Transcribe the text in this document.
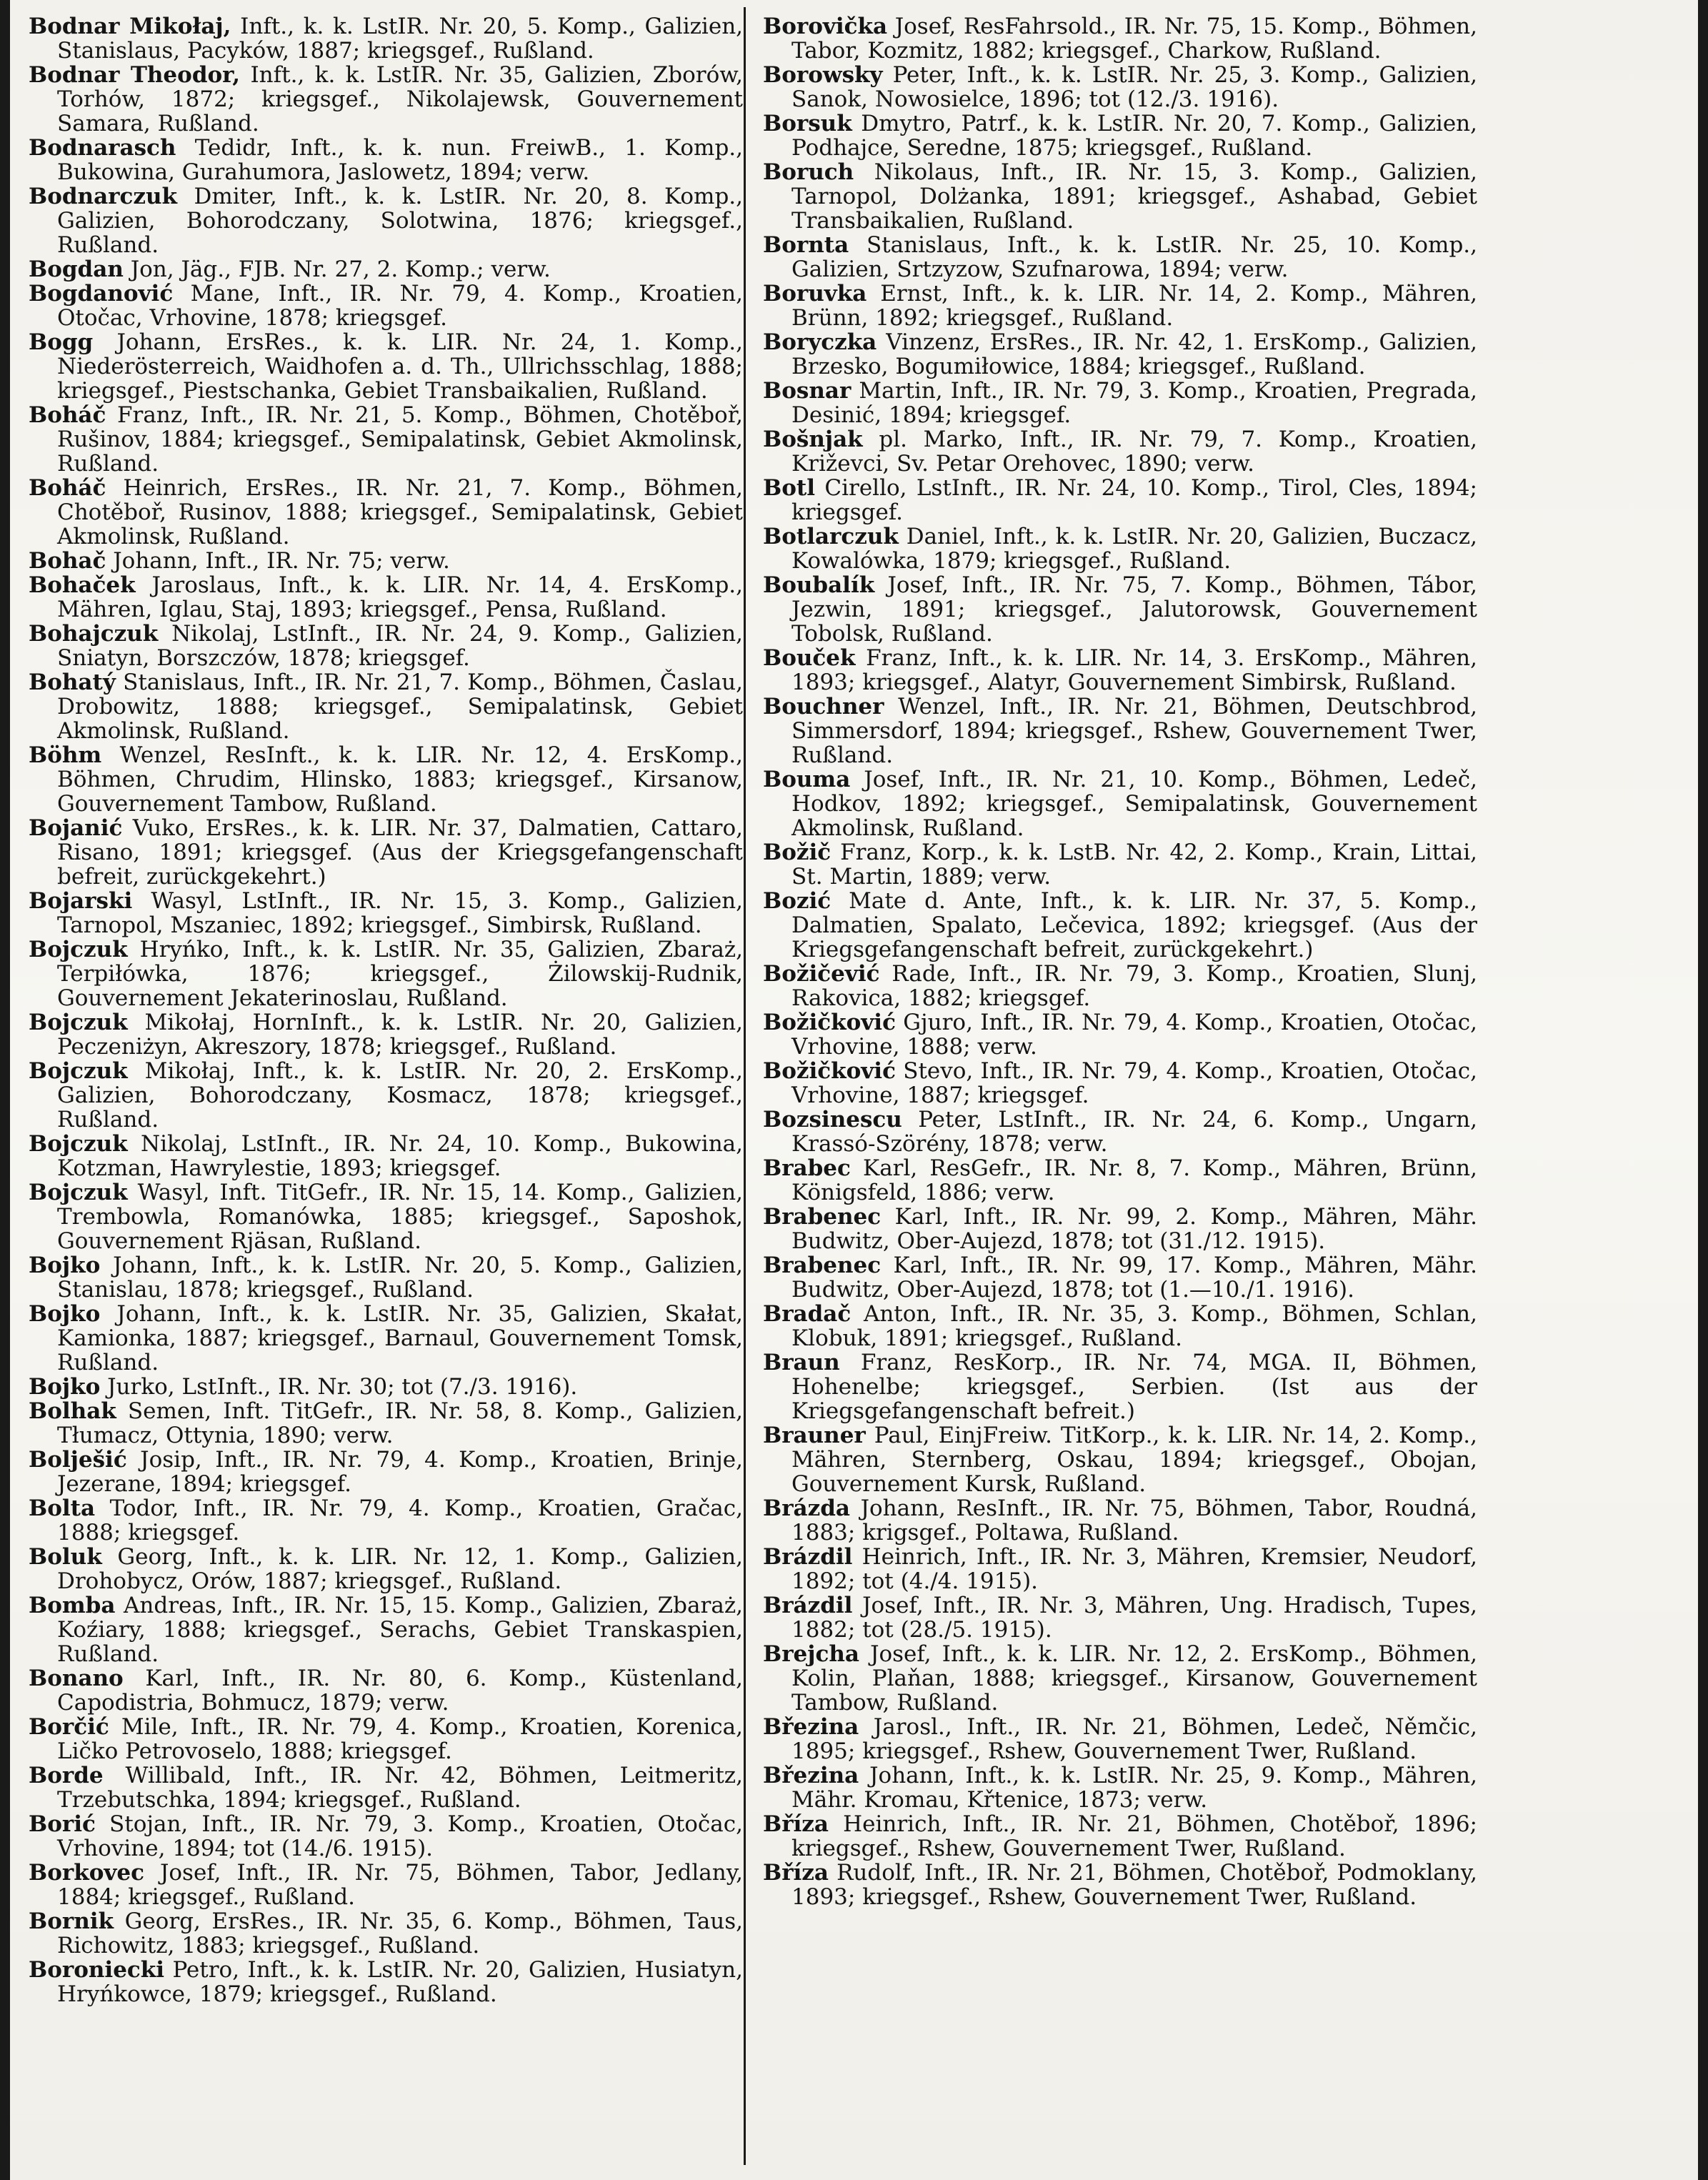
Bodnar Mikołaj, Inft., k. k. LstIR. Nr. 20, 5. Komp., Galizien, Stanislaus, Pacyków, 1887; kriegsgef., Rußland.

Bodnar Theodor, Inft., k. k. LstIR. Nr. 35, Galizien, Zborów, Torhów, 1872; kriegsgef., Nikolajewsk, Gouvernement Samara, Rußland.

Bodnarasch Tedidr, Inft., k. k. nun. FreiwB., 1. Komp., Bukowina, Gurahumora, Jaslowetz, 1894; verw.

Bodnarczuk Dmiter, Inft., k. k. LstIR. Nr. 20, 8. Komp., Galizien, Bohorodczany, Solotwina, 1876; kriegsgef., Rußland.

Bogdan Jon, Jäg., FJB. Nr. 27, 2. Komp.; verw.

Bogdanović Mane, Inft., IR. Nr. 79, 4. Komp., Kroatien, Otočac, Vrhovine, 1878; kriegsgef.

Bogg Johann, ErsRes., k. k. LIR. Nr. 24, 1. Komp., Niederösterreich, Waidhofen a. d. Th., Ullrichsschlag, 1888; kriegsgef., Piestschanka, Gebiet Transbaikalien, Rußland.

Boháč Franz, Inft., IR. Nr. 21, 5. Komp., Böhmen, Chotěboř, Rušinov, 1884; kriegsgef., Semipalatinsk, Gebiet Akmolinsk, Rußland.

Boháč Heinrich, ErsRes., IR. Nr. 21, 7. Komp., Böhmen, Chotěboř, Rusinov, 1888; kriegsgef., Semipalatinsk, Gebiet Akmolinsk, Rußland.

Bohač Johann, Inft., IR. Nr. 75; verw.

Bohaček Jaroslaus, Inft., k. k. LIR. Nr. 14, 4. ErsKomp., Mähren, Iglau, Staj, 1893; kriegsgef., Pensa, Rußland.

Bohajczuk Nikolaj, LstInft., IR. Nr. 24, 9. Komp., Galizien, Sniatyn, Borszczów, 1878; kriegsgef.

Bohatý Stanislaus, Inft., IR. Nr. 21, 7. Komp., Böhmen, Časlau, Drobowitz, 1888; kriegsgef., Semipalatinsk, Gebiet Akmolinsk, Rußland.

Böhm Wenzel, ResInft., k. k. LIR. Nr. 12, 4. ErsKomp., Böhmen, Chrudim, Hlinsko, 1883; kriegsgef., Kirsanow, Gouvernement Tambow, Rußland.

Bojanić Vuko, ErsRes., k. k. LIR. Nr. 37, Dalmatien, Cattaro, Risano, 1891; kriegsgef. (Aus der Kriegsgefangenschaft befreit, zurückgekehrt.)

Bojarski Wasyl, LstInft., IR. Nr. 15, 3. Komp., Galizien, Tarnopol, Mszaniec, 1892; kriegsgef., Simbirsk, Rußland.

Bojczuk Hryńko, Inft., k. k. LstIR. Nr. 35, Galizien, Zbaraż, Terpiłówka, 1876; kriegsgef., Żilowskij-Rudnik, Gouvernement Jekaterinoslau, Rußland.

Bojczuk Mikołaj, HornInft., k. k. LstIR. Nr. 20, Galizien, Peczeniżyn, Akreszory, 1878; kriegsgef., Rußland.

Bojczuk Mikołaj, Inft., k. k. LstIR. Nr. 20, 2. ErsKomp., Galizien, Bohorodczany, Kosmacz, 1878; kriegsgef., Rußland.

Bojczuk Nikolaj, LstInft., IR. Nr. 24, 10. Komp., Bukowina, Kotzman, Hawrylestie, 1893; kriegsgef.

Bojczuk Wasyl, Inft. TitGefr., IR. Nr. 15, 14. Komp., Galizien, Trembowla, Romanówka, 1885; kriegsgef., Saposhok, Gouvernement Rjäsan, Rußland.

Bojko Johann, Inft., k. k. LstIR. Nr. 20, 5. Komp., Galizien, Stanislau, 1878; kriegsgef., Rußland.

Bojko Johann, Inft., k. k. LstIR. Nr. 35, Galizien, Skałat, Kamionka, 1887; kriegsgef., Barnaul, Gouvernement Tomsk, Rußland.

Bojko Jurko, LstInft., IR. Nr. 30; tot (7./3. 1916).

Bolhak Semen, Inft. TitGefr., IR. Nr. 58, 8. Komp., Galizien, Tłumacz, Ottynia, 1890; verw.

Bolješić Josip, Inft., IR. Nr. 79, 4. Komp., Kroatien, Brinje, Jezerane, 1894; kriegsgef.

Bolta Todor, Inft., IR. Nr. 79, 4. Komp., Kroatien, Gračac, 1888; kriegsgef.

Boluk Georg, Inft., k. k. LIR. Nr. 12, 1. Komp., Galizien, Drohobycz, Orów, 1887; kriegsgef., Rußland.

Bomba Andreas, Inft., IR. Nr. 15, 15. Komp., Galizien, Zbaraż, Koźiary, 1888; kriegsgef., Serachs, Gebiet Transkaspien, Rußland.

Bonano Karl, Inft., IR. Nr. 80, 6. Komp., Küstenland, Capodistria, Bohmucz, 1879; verw.

Borčić Mile, Inft., IR. Nr. 79, 4. Komp., Kroatien, Korenica, Ličko Petrovoselo, 1888; kriegsgef.

Borde Willibald, Inft., IR. Nr. 42, Böhmen, Leitmeritz, Trzebutschka, 1894; kriegsgef., Rußland.

Borić Stojan, Inft., IR. Nr. 79, 3. Komp., Kroatien, Otočac, Vrhovine, 1894; tot (14./6. 1915).

Borkovec Josef, Inft., IR. Nr. 75, Böhmen, Tabor, Jedlany, 1884; kriegsgef., Rußland.

Bornik Georg, ErsRes., IR. Nr. 35, 6. Komp., Böhmen, Taus, Richowitz, 1883; kriegsgef., Rußland.

Boroniecki Petro, Inft., k. k. LstIR. Nr. 20, Galizien, Husiatyn, Hryńkowce, 1879; kriegsgef., Rußland.

Borovička Josef, ResFahrsold., IR. Nr. 75, 15. Komp., Böhmen, Tabor, Kozmitz, 1882; kriegsgef., Charkow, Rußland.

Borowsky Peter, Inft., k. k. LstIR. Nr. 25, 3. Komp., Galizien, Sanok, Nowosielce, 1896; tot (12./3. 1916).

Borsuk Dmytro, Patrf., k. k. LstIR. Nr. 20, 7. Komp., Galizien, Podhajce, Seredne, 1875; kriegsgef., Rußland.

Boruch Nikolaus, Inft., IR. Nr. 15, 3. Komp., Galizien, Tarnopol, Dolżanka, 1891; kriegsgef., Ashabad, Gebiet Transbaikalien, Rußland.

Bornta Stanislaus, Inft., k. k. LstIR. Nr. 25, 10. Komp., Galizien, Srtzyzow, Szufnarowa, 1894; verw.

Boruvka Ernst, Inft., k. k. LIR. Nr. 14, 2. Komp., Mähren, Brünn, 1892; kriegsgef., Rußland.

Boryczka Vinzenz, ErsRes., IR. Nr. 42, 1. ErsKomp., Galizien, Brzesko, Bogumiłowice, 1884; kriegsgef., Rußland.

Bosnar Martin, Inft., IR. Nr. 79, 3. Komp., Kroatien, Pregrada, Desinić, 1894; kriegsgef.

Bošnjak pl. Marko, Inft., IR. Nr. 79, 7. Komp., Kroatien, Križevci, Sv. Petar Orehovec, 1890; verw.

Botl Cirello, LstInft., IR. Nr. 24, 10. Komp., Tirol, Cles, 1894; kriegsgef.

Botlarczuk Daniel, Inft., k. k. LstIR. Nr. 20, Galizien, Buczacz, Kowalówka, 1879; kriegsgef., Rußland.

Boubalík Josef, Inft., IR. Nr. 75, 7. Komp., Böhmen, Tábor, Jezwin, 1891; kriegsgef., Jalutorowsk, Gouvernement Tobolsk, Rußland.

Bouček Franz, Inft., k. k. LIR. Nr. 14, 3. ErsKomp., Mähren, 1893; kriegsgef., Alatyr, Gouvernement Simbirsk, Rußland.

Bouchner Wenzel, Inft., IR. Nr. 21, Böhmen, Deutschbrod, Simmersdorf, 1894; kriegsgef., Rshew, Gouvernement Twer, Rußland.

Bouma Josef, Inft., IR. Nr. 21, 10. Komp., Böhmen, Ledeč, Hodkov, 1892; kriegsgef., Semipalatinsk, Gouvernement Akmolinsk, Rußland.

Božič Franz, Korp., k. k. LstB. Nr. 42, 2. Komp., Krain, Littai, St. Martin, 1889; verw.

Bozić Mate d. Ante, Inft., k. k. LIR. Nr. 37, 5. Komp., Dalmatien, Spalato, Lečevica, 1892; kriegsgef. (Aus der Kriegsgefangenschaft befreit, zurückgekehrt.)

Božičević Rade, Inft., IR. Nr. 79, 3. Komp., Kroatien, Slunj, Rakovica, 1882; kriegsgef.

Božičković Gjuro, Inft., IR. Nr. 79, 4. Komp., Kroatien, Otočac, Vrhovine, 1888; verw.

Božičković Stevo, Inft., IR. Nr. 79, 4. Komp., Kroatien, Otočac, Vrhovine, 1887; kriegsgef.

Bozsinescu Peter, LstInft., IR. Nr. 24, 6. Komp., Ungarn, Krassó-Szörény, 1878; verw.

Brabec Karl, ResGefr., IR. Nr. 8, 7. Komp., Mähren, Brünn, Königsfeld, 1886; verw.

Brabenec Karl, Inft., IR. Nr. 99, 2. Komp., Mähren, Mähr. Budwitz, Ober-Aujezd, 1878; tot (31./12. 1915).

Brabenec Karl, Inft., IR. Nr. 99, 17. Komp., Mähren, Mähr. Budwitz, Ober-Aujezd, 1878; tot (1.—10./1. 1916).

Bradač Anton, Inft., IR. Nr. 35, 3. Komp., Böhmen, Schlan, Klobuk, 1891; kriegsgef., Rußland.

Braun Franz, ResKorp., IR. Nr. 74, MGA. II, Böhmen, Hohenelbe; kriegsgef., Serbien. (Ist aus der Kriegsgefangenschaft befreit.)

Brauner Paul, EinjFreiw. TitKorp., k. k. LIR. Nr. 14, 2. Komp., Mähren, Sternberg, Oskau, 1894; kriegsgef., Obojan, Gouvernement Kursk, Rußland.

Brázda Johann, ResInft., IR. Nr. 75, Böhmen, Tabor, Roudná, 1883; krigsgef., Poltawa, Rußland.

Brázdil Heinrich, Inft., IR. Nr. 3, Mähren, Kremsier, Neudorf, 1892; tot (4./4. 1915).

Brázdil Josef, Inft., IR. Nr. 3, Mähren, Ung. Hradisch, Tupes, 1882; tot (28./5. 1915).

Brejcha Josef, Inft., k. k. LIR. Nr. 12, 2. ErsKomp., Böhmen, Kolin, Plaňan, 1888; kriegsgef., Kirsanow, Gouvernement Tambow, Rußland.

Březina Jarosl., Inft., IR. Nr. 21, Böhmen, Ledeč, Němčic, 1895; kriegsgef., Rshew, Gouvernement Twer, Rußland.

Březina Johann, Inft., k. k. LstIR. Nr. 25, 9. Komp., Mähren, Mähr. Kromau, Křtenice, 1873; verw.

Bříza Heinrich, Inft., IR. Nr. 21, Böhmen, Chotěboř, 1896; kriegsgef., Rshew, Gouvernement Twer, Rußland.

Bříza Rudolf, Inft., IR. Nr. 21, Böhmen, Chotěboř, Podmoklany, 1893; kriegsgef., Rshew, Gouvernement Twer, Rußland.
